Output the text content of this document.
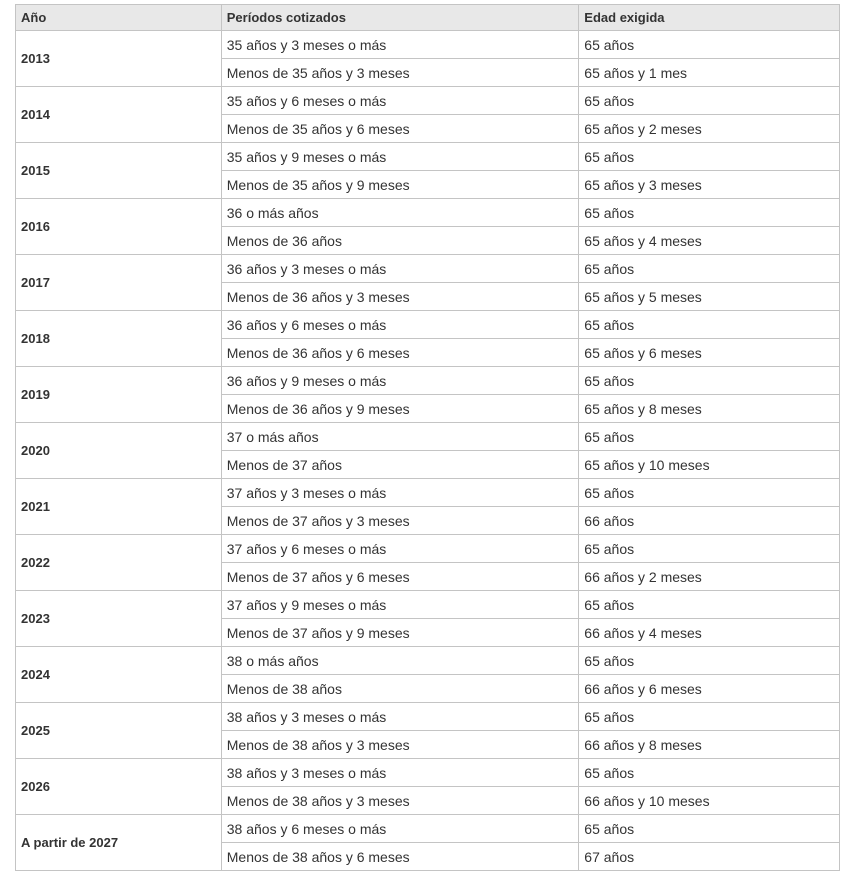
Año	Períodos cotizados	Edad exigida
2013	35 años y 3 meses o más	65 años
	Menos de 35 años y 3 meses	65 años y 1 mes
2014	35 años y 6 meses o más	65 años
	Menos de 35 años y 6 meses	65 años y 2 meses
2015	35 años y 9 meses o más	65 años
	Menos de 35 años y 9 meses	65 años y 3 meses
2016	36 o más años	65 años
	Menos de 36 años	65 años y 4 meses
2017	36 años y 3 meses o más	65 años
	Menos de 36 años y 3 meses	65 años y 5 meses
2018	36 años y 6 meses o más	65 años
	Menos de 36 años y 6 meses	65 años y 6 meses
2019	36 años y 9 meses o más	65 años
	Menos de 36 años y 9 meses	65 años y 8 meses
2020	37 o más años	65 años
	Menos de 37 años	65 años y 10 meses
2021	37 años y 3 meses o más	65 años
	Menos de 37 años y 3 meses	66 años
2022	37 años y 6 meses o más	65 años
	Menos de 37 años y 6 meses	66 años y 2 meses
2023	37 años y 9 meses o más	65 años
	Menos de 37 años y 9 meses	66 años y 4 meses
2024	38 o más años	65 años
	Menos de 38 años	66 años y 6 meses
2025	38 años y 3 meses o más	65 años
	Menos de 38 años y 3 meses	66 años y 8 meses
2026	38 años y 3 meses o más	65 años
	Menos de 38 años y 3 meses	66 años y 10 meses
A partir de 2027	38 años y 6 meses o más	65 años
	Menos de 38 años y 6 meses	67 años
